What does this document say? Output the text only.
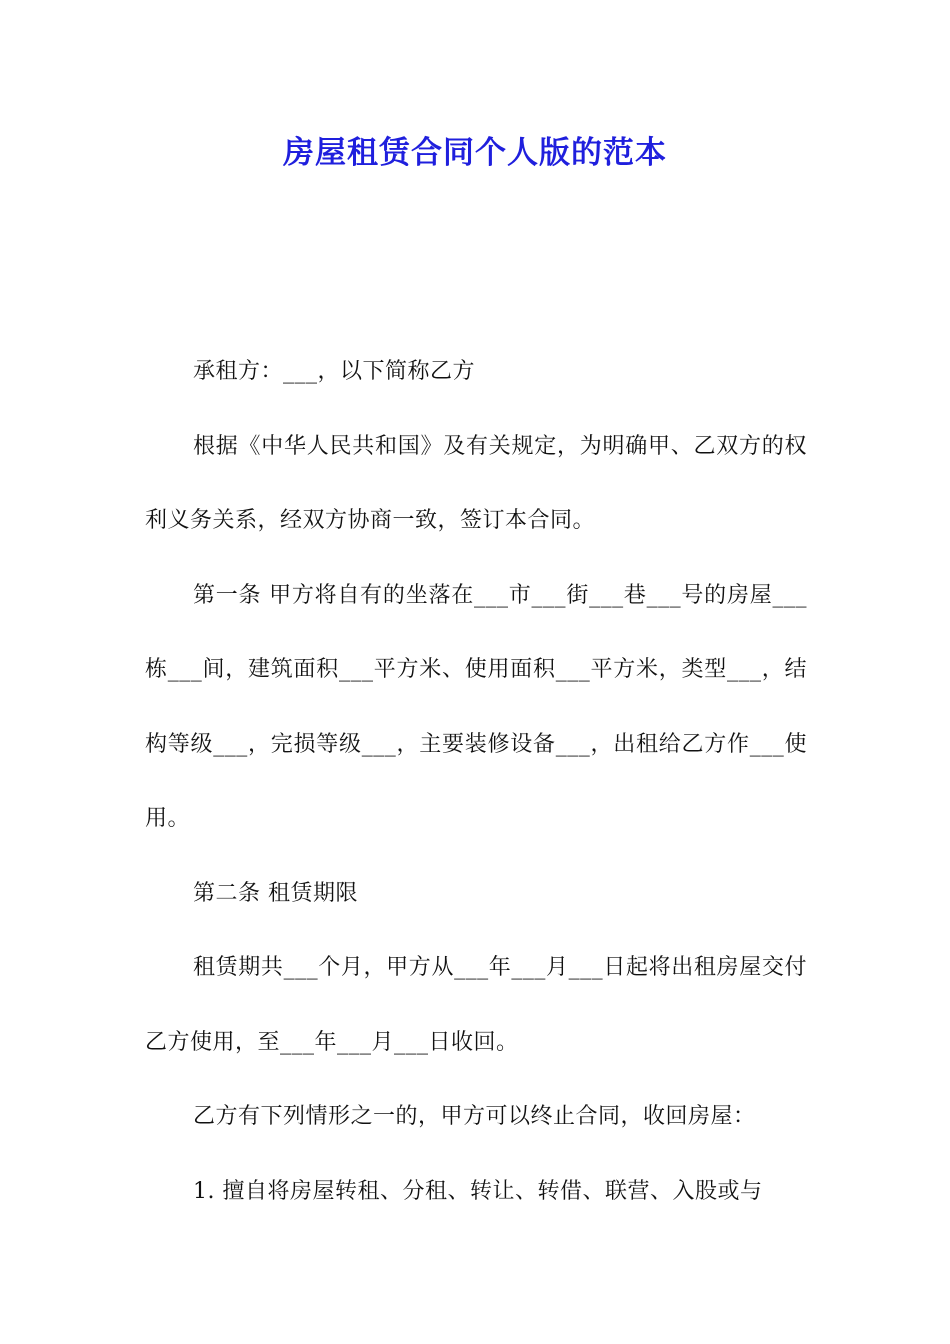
房屋租赁合同个人版的范本

承租方：___，以下简称乙方

根据《中华人民共和国》及有关规定，为明确甲、乙双方的权利义务关系，经双方协商一致，签订本合同。

第一条 甲方将自有的坐落在___市___街___巷___号的房屋___栋___间，建筑面积___平方米、使用面积___平方米，类型___，结构等级___，完损等级___，主要装修设备___，出租给乙方作___使用。

第二条 租赁期限

租赁期共___个月，甲方从___年___月___日起将出租房屋交付乙方使用，至___年___月___日收回。

乙方有下列情形之一的，甲方可以终止合同，收回房屋：

1. 擅自将房屋转租、分租、转让、转借、联营、入股或与
